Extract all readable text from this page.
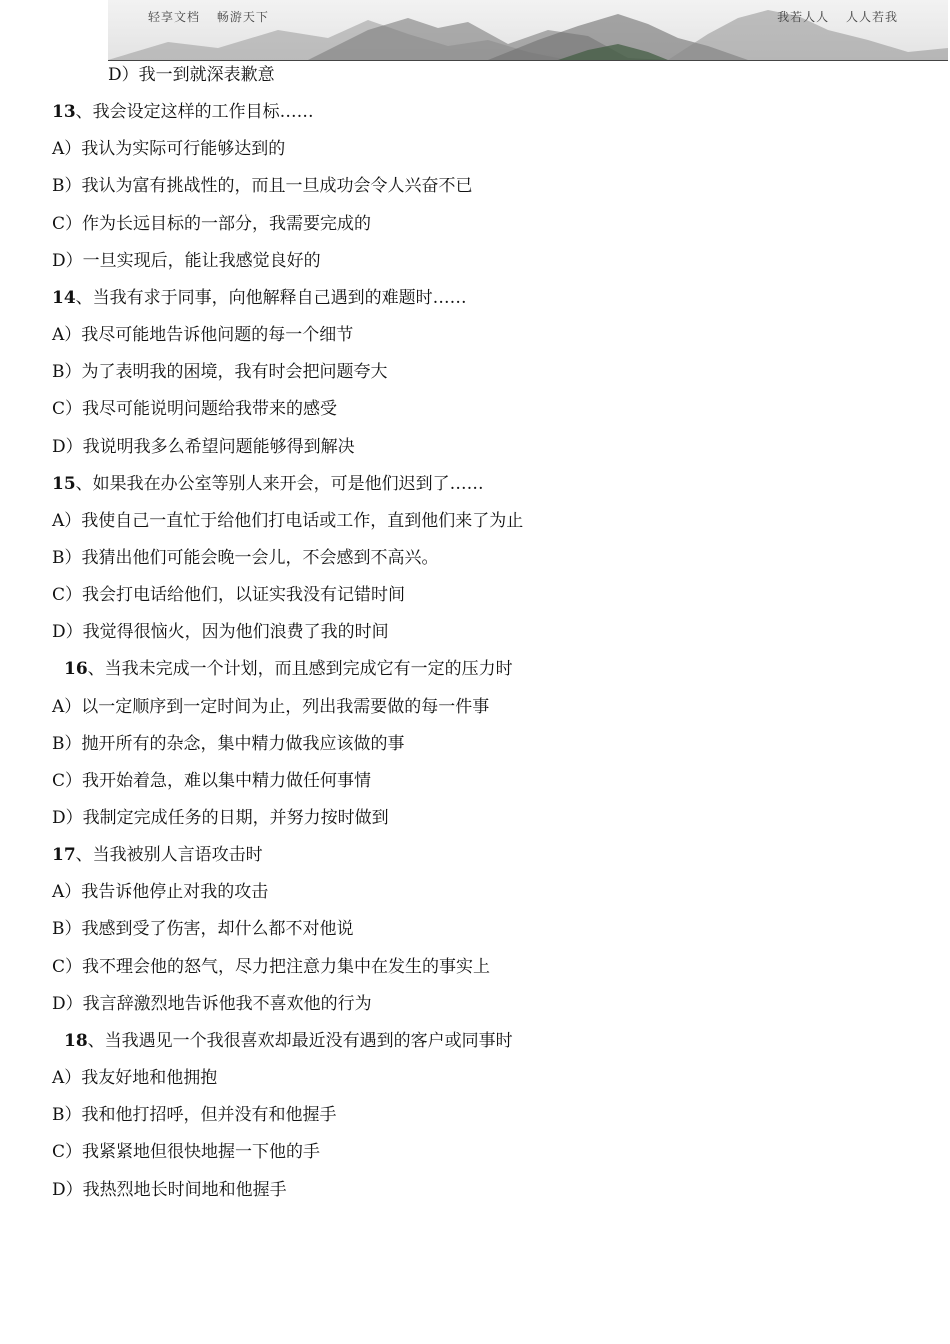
轻享文档 畅游天下	我若人人 人人若我
D）我一到就深表歉意
13、我会设定这样的工作目标……
A）我认为实际可行能够达到的
B）我认为富有挑战性的，而且一旦成功会令人兴奋不已
C）作为长远目标的一部分，我需要完成的
D）一旦实现后，能让我感觉良好的
14、当我有求于同事，向他解释自己遇到的难题时……
A）我尽可能地告诉他问题的每一个细节
B）为了表明我的困境，我有时会把问题夸大
C）我尽可能说明问题给我带来的感受
D）我说明我多么希望问题能够得到解决
15、如果我在办公室等别人来开会，可是他们迟到了……
A）我使自己一直忙于给他们打电话或工作，直到他们来了为止
B）我猜出他们可能会晚一会儿，不会感到不高兴。
C）我会打电话给他们，以证实我没有记错时间
D）我觉得很恼火，因为他们浪费了我的时间
16、当我未完成一个计划，而且感到完成它有一定的压力时
A）以一定顺序到一定时间为止，列出我需要做的每一件事
B）抛开所有的杂念，集中精力做我应该做的事
C）我开始着急，难以集中精力做任何事情
D）我制定完成任务的日期，并努力按时做到
17、当我被别人言语攻击时
A）我告诉他停止对我的攻击
B）我感到受了伤害，却什么都不对他说
C）我不理会他的怒气，尽力把注意力集中在发生的事实上
D）我言辞激烈地告诉他我不喜欢他的行为
18、当我遇见一个我很喜欢却最近没有遇到的客户或同事时
A）我友好地和他拥抱
B）我和他打招呼，但并没有和他握手
C）我紧紧地但很快地握一下他的手
D）我热烈地长时间地和他握手
